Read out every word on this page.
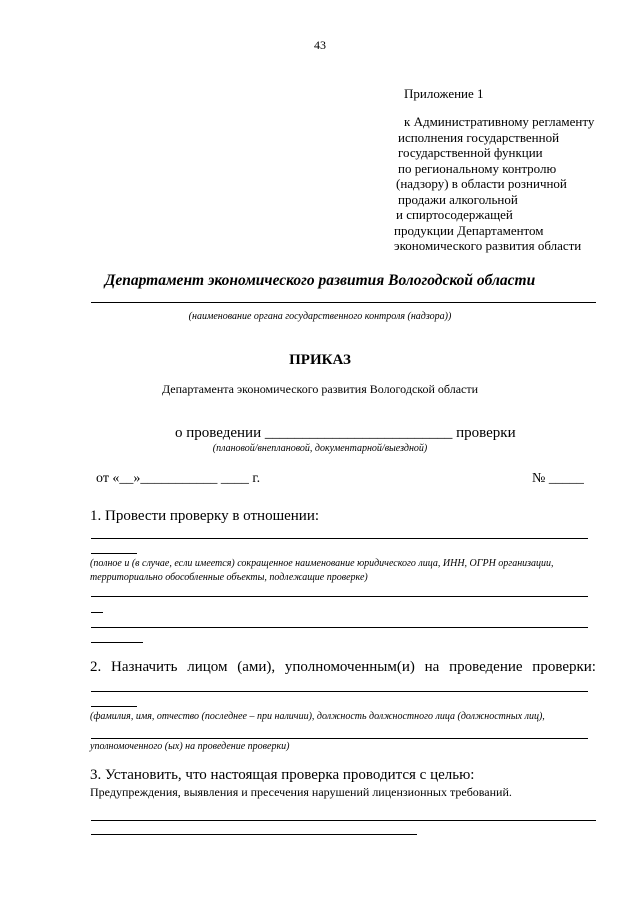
43
Приложение 1
к Административному регламенту
исполнения государственной
государственной функции
по региональному контролю
(надзору) в области розничной
продажи алкогольной
и спиртосодержащей
продукции Департаментом
экономического развития области
Департамент экономического развития Вологодской области
(наименование органа государственного контроля (надзора))
ПРИКАЗ
Департамента экономического развития Вологодской области
о проведении _________________________ проверки
(плановой/внеплановой, документарной/выездной)
от «__»___________ ____ г.	№ _____
1. Провести проверку в отношении:
(полное и (в случае, если имеется) сокращенное наименование юридического лица, ИНН, ОГРН организации,
территориально обособленные объекты, подлежащие проверке)
2. Назначить лицом (ами), уполномоченным(и) на проведение проверки:
(фамилия, имя, отчество (последнее – при наличии), должность должностного лица (должностных лиц),
уполномоченного (ых) на проведение проверки)
3. Установить, что настоящая проверка проводится с целью:
Предупреждения, выявления и пресечения нарушений лицензионных требований.
